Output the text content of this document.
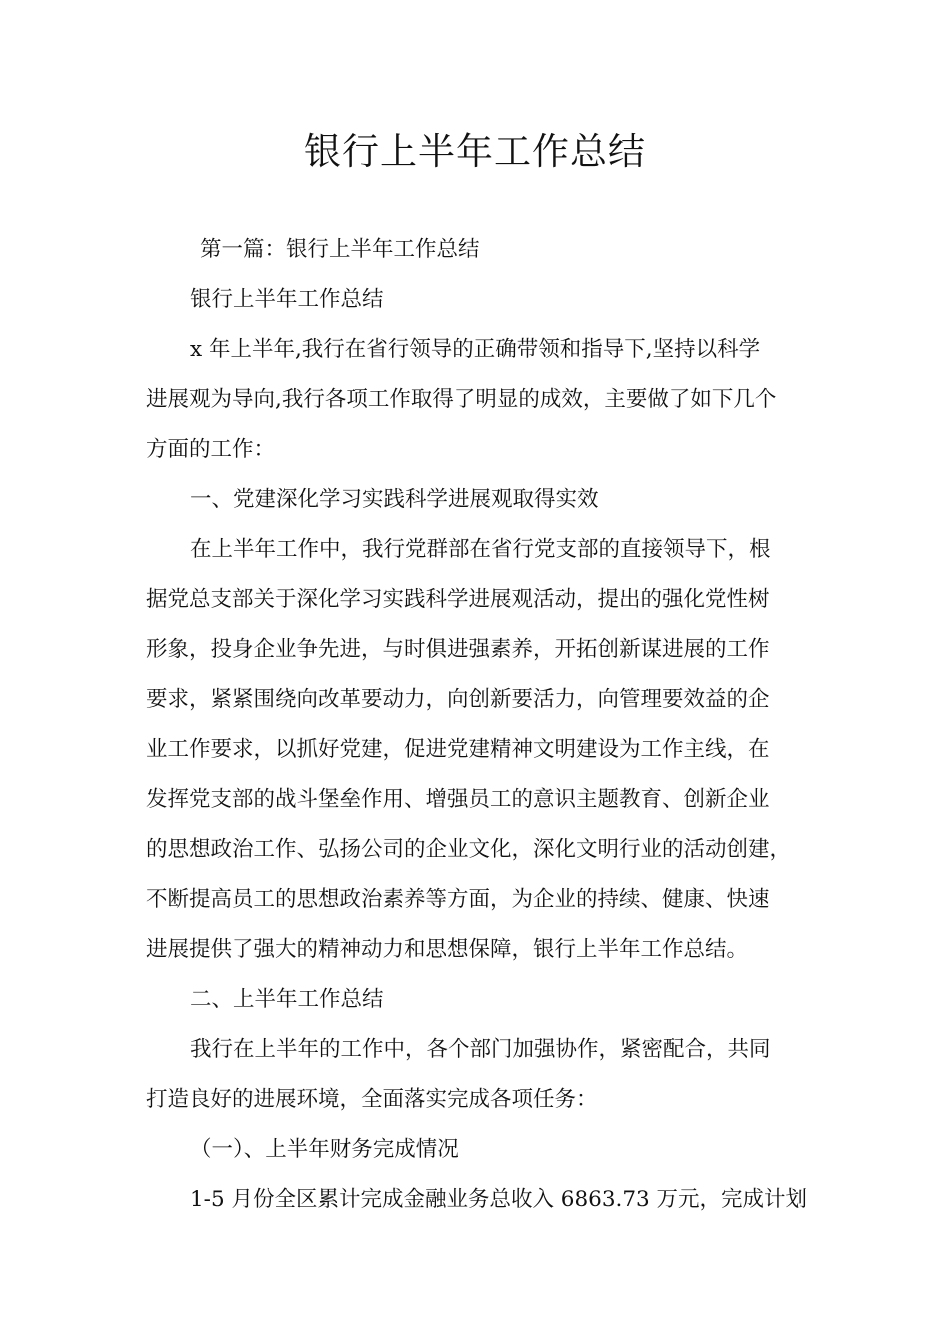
银行上半年工作总结

第一篇：银行上半年工作总结

银行上半年工作总结

x 年上半年,我行在省行领导的正确带领和指导下,坚持以科学

进展观为导向,我行各项工作取得了明显的成效，主要做了如下几个

方面的工作：

一、党建深化学习实践科学进展观取得实效

在上半年工作中，我行党群部在省行党支部的直接领导下，根

据党总支部关于深化学习实践科学进展观活动，提出的强化党性树

形象，投身企业争先进，与时俱进强素养，开拓创新谋进展的工作

要求，紧紧围绕向改革要动力，向创新要活力，向管理要效益的企

业工作要求，以抓好党建，促进党建精神文明建设为工作主线，在

发挥党支部的战斗堡垒作用、增强员工的意识主题教育、创新企业

的思想政治工作、弘扬公司的企业文化，深化文明行业的活动创建，

不断提高员工的思想政治素养等方面，为企业的持续、健康、快速

进展提供了强大的精神动力和思想保障，银行上半年工作总结。

二、上半年工作总结

我行在上半年的工作中，各个部门加强协作，紧密配合，共同

打造良好的进展环境，全面落实完成各项任务：

（一）、上半年财务完成情况

1-5 月份全区累计完成金融业务总收入 6863.73 万元，完成计划
